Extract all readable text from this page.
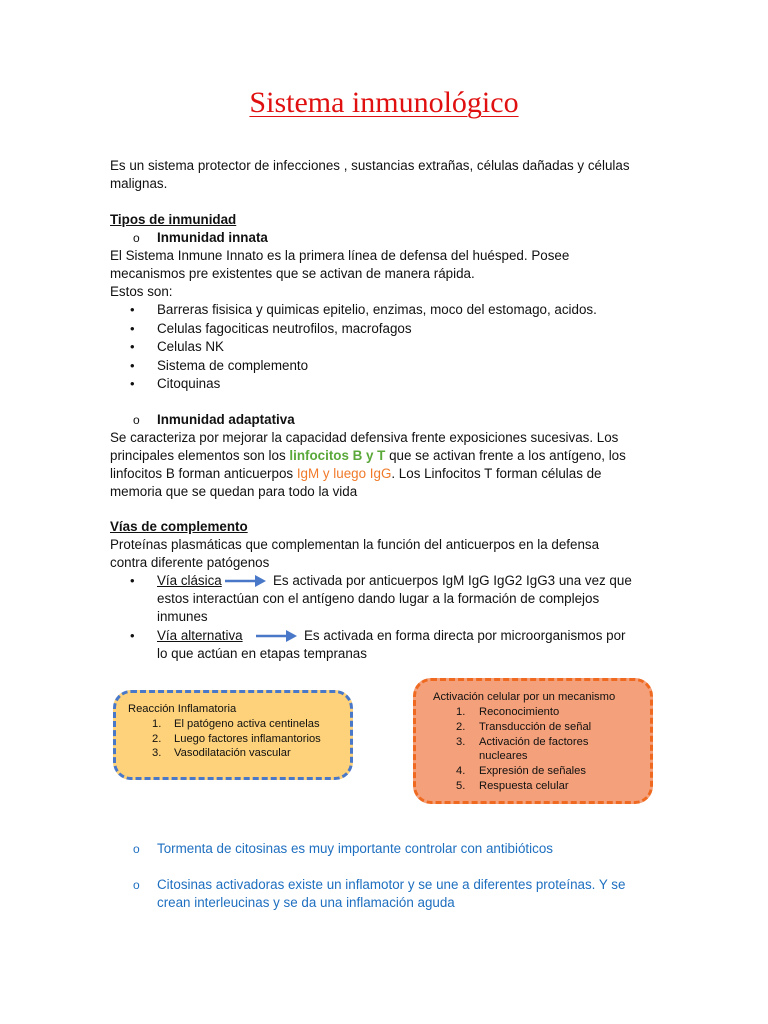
Sistema inmunológico
Es un sistema protector de infecciones , sustancias extrañas, células dañadas y células
malignas.
Tipos de inmunidad
o Inmunidad innata
El Sistema Inmune Innato es la primera línea de defensa del huésped. Posee
mecanismos pre existentes que se activan de manera rápida.
Estos son:
• Barreras fisisica y quimicas epitelio, enzimas, moco del estomago, acidos.
• Celulas fagociticas neutrofilos, macrofagos
• Celulas NK
• Sistema de complemento
• Citoquinas
o Inmunidad adaptativa
Se caracteriza por mejorar la capacidad defensiva frente exposiciones sucesivas. Los
principales elementos son los linfocitos B y T que se activan frente a los antígeno, los
linfocitos B forman anticuerpos IgM y luego IgG. Los Linfocitos T forman células de
memoria que se quedan para todo la vida
Vías de complemento
Proteínas plasmáticas que complementan la función del anticuerpos en la defensa
contra diferente patógenos
• Vía clásica	Es activada por anticuerpos IgM IgG IgG2 IgG3 una vez que
estos interactúan con el antígeno dando lugar a la formación de complejos
inmunes
• Vía alternativa	Es activada en forma directa por microorganismos por
lo que actúan en etapas tempranas
Reacción Inflamatoria
1. El patógeno activa centinelas
2. Luego factores inflamantorios
3. Vasodilatación vascular
Activación celular por un mecanismo
1. Reconocimiento
2. Transducción de señal
3. Activación de factores
nucleares
4. Expresión de señales
5. Respuesta celular
o Tormenta de citosinas es muy importante controlar con antibióticos
o Citosinas activadoras existe un inflamotor y se une a diferentes proteínas. Y se
crean interleucinas y se da una inflamación aguda
